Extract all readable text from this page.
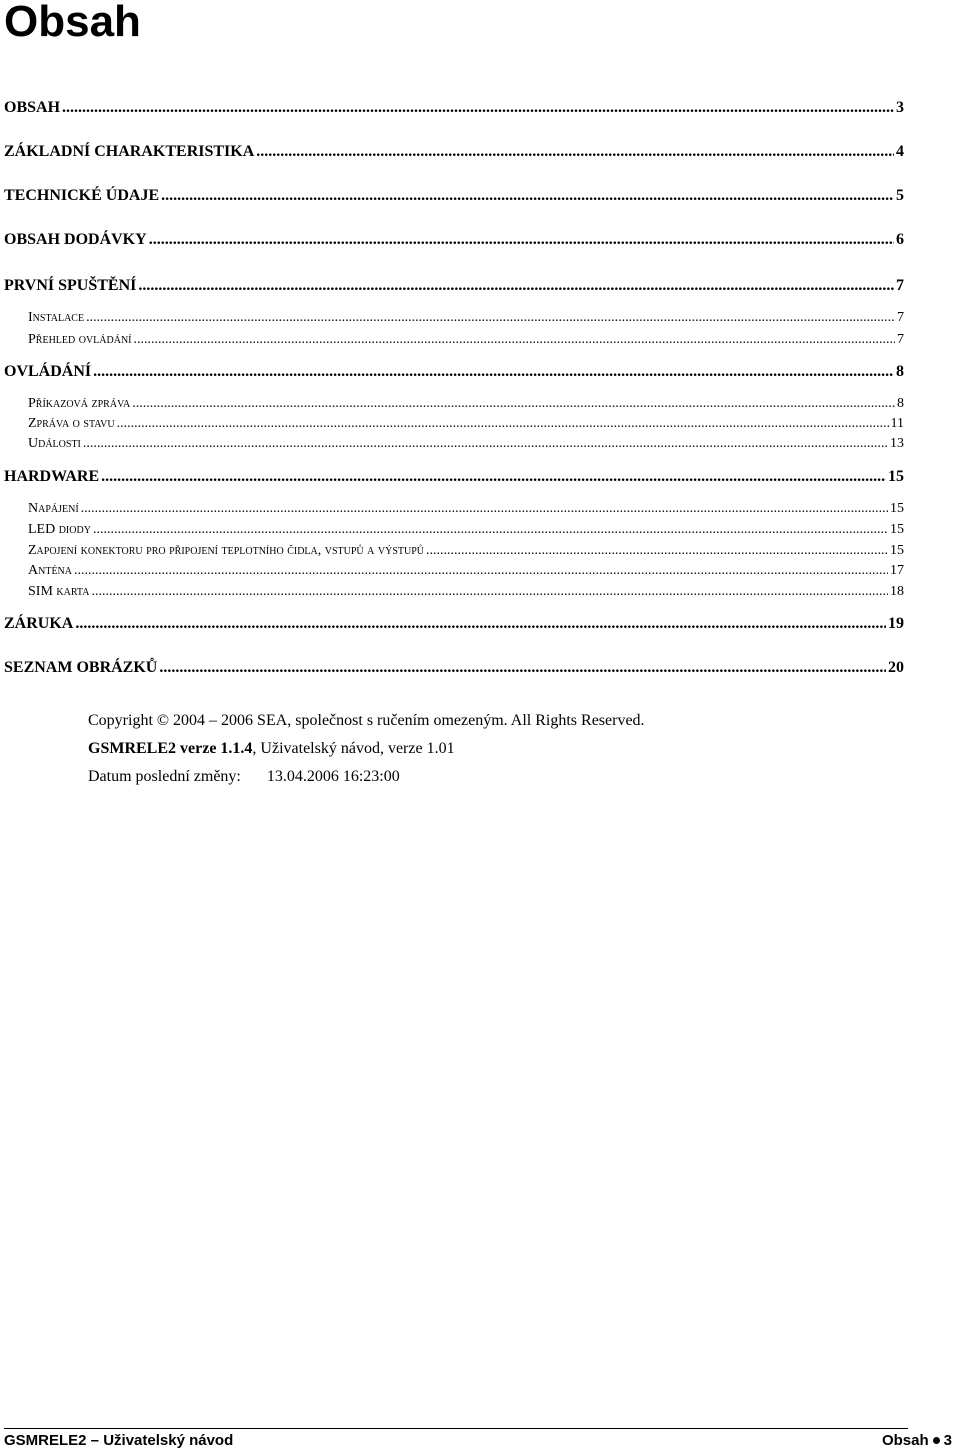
Obsah
OBSAH .....	3
ZÁKLADNÍ CHARAKTERISTIKA .....	4
TECHNICKÉ ÚDAJE .....	5
OBSAH DODÁVKY .....	6
PRVNÍ SPUŠTĚNÍ .....	7
Instalace .....	7
Přehled ovládání .....	7
OVLÁDÁNÍ .....	8
Příkazová zpráva .....	8
Zpráva o stavu .....	11
Události .....	13
HARDWARE .....	15
Napájení .....	15
LED diody .....	15
Zapojení konektoru pro připojení teplotního čidla, vstupů a výstupů .....	15
Anténa .....	17
SIM karta .....	18
ZÁRUKA .....	19
SEZNAM OBRÁZKŮ .....	20
Copyright © 2004 – 2006 SEA, společnost s ručením omezeným. All Rights Reserved.
GSMRELE2 verze 1.1.4, Uživatelský návod, verze 1.01
Datum poslední změny: 13.04.2006 16:23:00
GSMRELE2 – Uživatelský návod	Obsah 3
